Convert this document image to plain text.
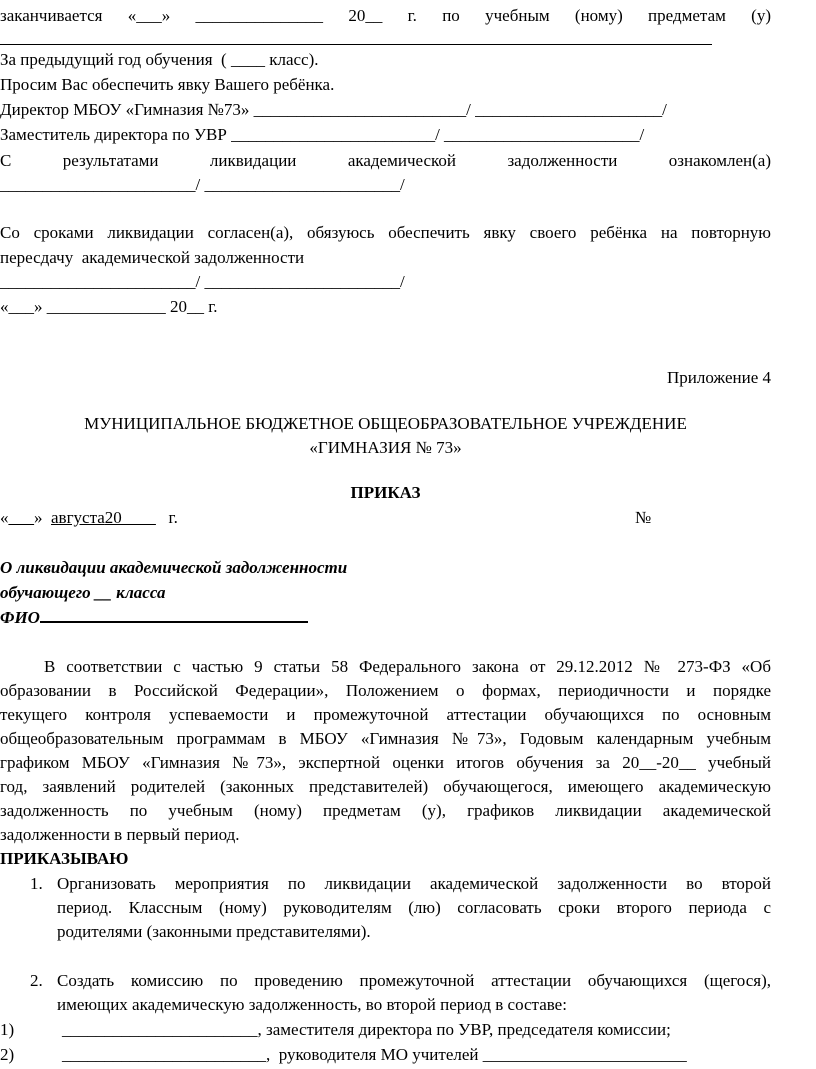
заканчивается «___» _______________ 20__ г. по учебным (ному) предметам (у)
За предыдущий год обучения  ( ____ класс).
Просим Вас обеспечить явку Вашего ребёнка.
Директор МБОУ «Гимназия №73» _________________________/ ______________________/
Заместитель директора по УВР ________________________/ _______________________/
С результатами ликвидации академической задолженности ознакомлен(а)
_______________________/ _______________________/
Со сроками ликвидации согласен(а), обязуюсь обеспечить явку своего ребёнка на повторную
пересдачу  академической задолженности
_______________________/ _______________________/
«___» ______________ 20__ г.
Приложение 4
МУНИЦИПАЛЬНОЕ БЮДЖЕТНОЕ ОБЩЕОБРАЗОВАТЕЛЬНОЕ УЧРЕЖДЕНИЕ
«ГИМНАЗИЯ № 73»
ПРИКАЗ
«___» августа20____ г.	№
О ликвидации академической задолженности
обучающего __ класса
ФИО
В соответствии с частью 9 статьи 58 Федерального закона от 29.12.2012 № 273-ФЗ «Об
образовании в Российской Федерации», Положением о формах, периодичности и порядке
текущего контроля успеваемости и промежуточной аттестации обучающихся по основным
общеобразовательным программам в МБОУ «Гимназия №73», Годовым календарным учебным
графиком МБОУ «Гимназия №73», экспертной оценки итогов обучения за 20__-20__ учебный
год, заявлений родителей (законных представителей) обучающегося, имеющего академическую
задолженность по учебным (ному) предметам (у), графиков ликвидации академической
задолженности в первый период.
ПРИКАЗЫВАЮ
1. Организовать мероприятия по ликвидации академической задолженности во второй
период. Классным (ному) руководителям (лю) согласовать сроки второго периода с
родителями (законными представителями).
2. Создать комиссию по проведению промежуточной аттестации обучающихся (щегося),
имеющих академическую задолженность, во второй период в составе:
1)	_______________________, заместителя директора по УВР, председателя комиссии;
2)	________________________,  руководителя МО учителей ________________________
